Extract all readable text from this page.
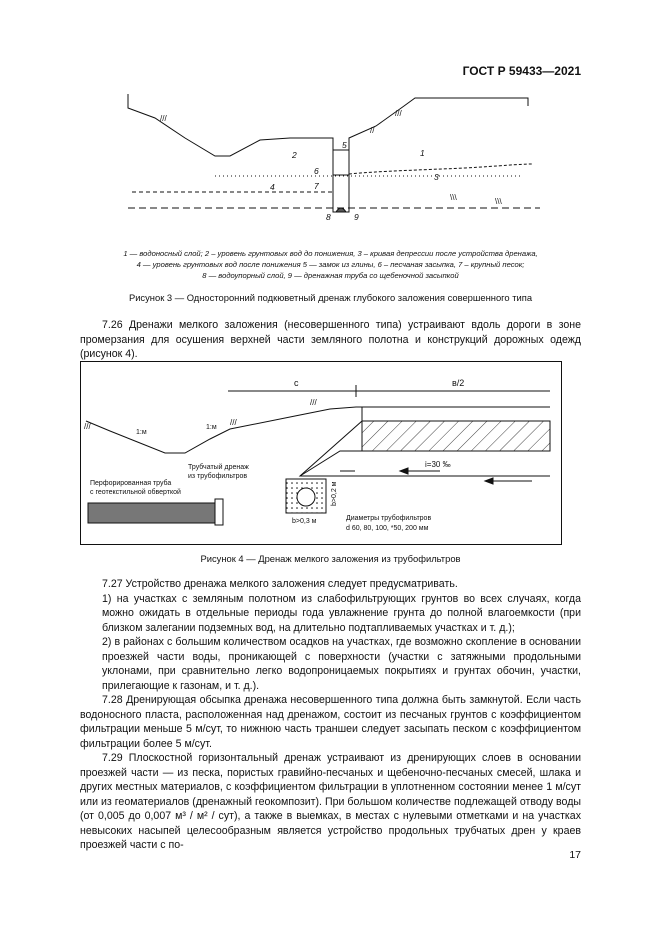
ГОСТ Р 59433—2021
///
//
///
\\\	\\\
1
2
3
4
5
6
7
8	9
1 — водоносный слой; 2 – уровень грунтовых вод до понижения, 3 – кривая депрессии после устройства дренажа,
4 — уровень грунтовых вод после понижения 5 — замок из глины, 6 – песчаная засыпка, 7 – крупный песок;
8 — водоупорный слой, 9 — дренажная труба со щебеночной засыпкой
Рисунок 3 — Односторонний подкюветный дренаж глубокого заложения совершенного типа

7.26 Дренажи мелкого заложения (несовершенного типа) устраивают вдоль дороги в зоне промерзания для осушения верхней части земляного полотна и конструкций дорожных одежд (рисунок 4).

///	///
///
с	в/2
1:м
1:м
i=30 ‰
Трубчатый дренаж
из трубофильтров
Перфорированная труба
с геотекстильной обверткой
b>0,3 м
b>0,2 м
Диаметры трубофильтров
d 60, 80, 100, *50, 200 мм
Рисунок 4 — Дренаж мелкого заложения из трубофильтров

7.27 Устройство дренажа мелкого заложения следует предусматривать.

1) на участках с земляным полотном из слабофильтрующих грунтов во всех случаях, когда можно ожидать в отдельные периоды года увлажнение грунта до полной влагоемкости (при близком залегании подземных вод, на длительно подтапливаемых участках и т. д.);

2) в районах с большим количеством осадков на участках, где возможно скопление в основании проезжей части воды, проникающей с поверхности (участки с затяжными продольными уклонами, при сравнительно легко водопроницаемых покрытиях и грунтах обочин, участки, прилегающие к газонам, и т. д.).

7.28 Дренирующая обсыпка дренажа несовершенного типа должна быть замкнутой. Если часть водоносного пласта, расположенная над дренажом, состоит из песчаных грунтов с коэффициентом фильтрации меньше 5 м/сут, то нижнюю часть траншеи следует засыпать песком с коэффициентом фильтрации более 5 м/сут.

7.29 Плоскостной горизонтальный дренаж устраивают из дренирующих слоев в основании проезжей части — из песка, пористых гравийно-песчаных и щебеночно-песчаных смесей, шлака и других местных материалов, с коэффициентом фильтрации в уплотненном состоянии менее 1 м/сут или из геоматериалов (дренажный геокомпозит). При большом количестве подлежащей отводу воды (от 0,005 до 0,007 м³ / м² / сут), а также в выемках, в местах с нулевыми отметками и на участках невысоких насыпей целесообразным является устройство продольных трубчатых дрен у краев проезжей части с по-

17
